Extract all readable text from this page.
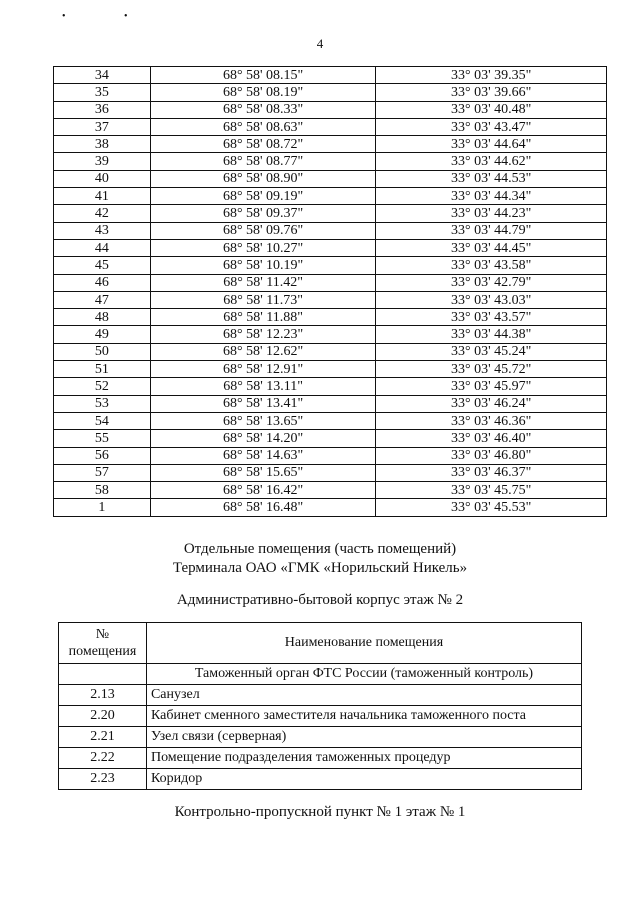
• •
4
34	68° 58' 08.15"	33° 03' 39.35"
35	68° 58' 08.19"	33° 03' 39.66"
36	68° 58' 08.33"	33° 03' 40.48"
37	68° 58' 08.63"	33° 03' 43.47"
38	68° 58' 08.72"	33° 03' 44.64"
39	68° 58' 08.77"	33° 03' 44.62"
40	68° 58' 08.90"	33° 03' 44.53"
41	68° 58' 09.19"	33° 03' 44.34"
42	68° 58' 09.37"	33° 03' 44.23"
43	68° 58' 09.76"	33° 03' 44.79"
44	68° 58' 10.27"	33° 03' 44.45"
45	68° 58' 10.19"	33° 03' 43.58"
46	68° 58' 11.42"	33° 03' 42.79"
47	68° 58' 11.73"	33° 03' 43.03"
48	68° 58' 11.88"	33° 03' 43.57"
49	68° 58' 12.23"	33° 03' 44.38"
50	68° 58' 12.62"	33° 03' 45.24"
51	68° 58' 12.91"	33° 03' 45.72"
52	68° 58' 13.11"	33° 03' 45.97"
53	68° 58' 13.41"	33° 03' 46.24"
54	68° 58' 13.65"	33° 03' 46.36"
55	68° 58' 14.20"	33° 03' 46.40"
56	68° 58' 14.63"	33° 03' 46.80"
57	68° 58' 15.65"	33° 03' 46.37"
58	68° 58' 16.42"	33° 03' 45.75"
1	68° 58' 16.48"	33° 03' 45.53"
Отдельные помещения (часть помещений)
Терминала ОАО «ГМК «Норильский Никель»
Административно-бытовой корпус этаж № 2
№
помещения	Наименование помещения
	Таможенный орган ФТС России (таможенный контроль)
2.13	Санузел
2.20	Кабинет сменного заместителя начальника таможенного поста
2.21	Узел связи (серверная)
2.22	Помещение подразделения таможенных процедур
2.23	Коридор
Контрольно-пропускной пункт № 1 этаж № 1
